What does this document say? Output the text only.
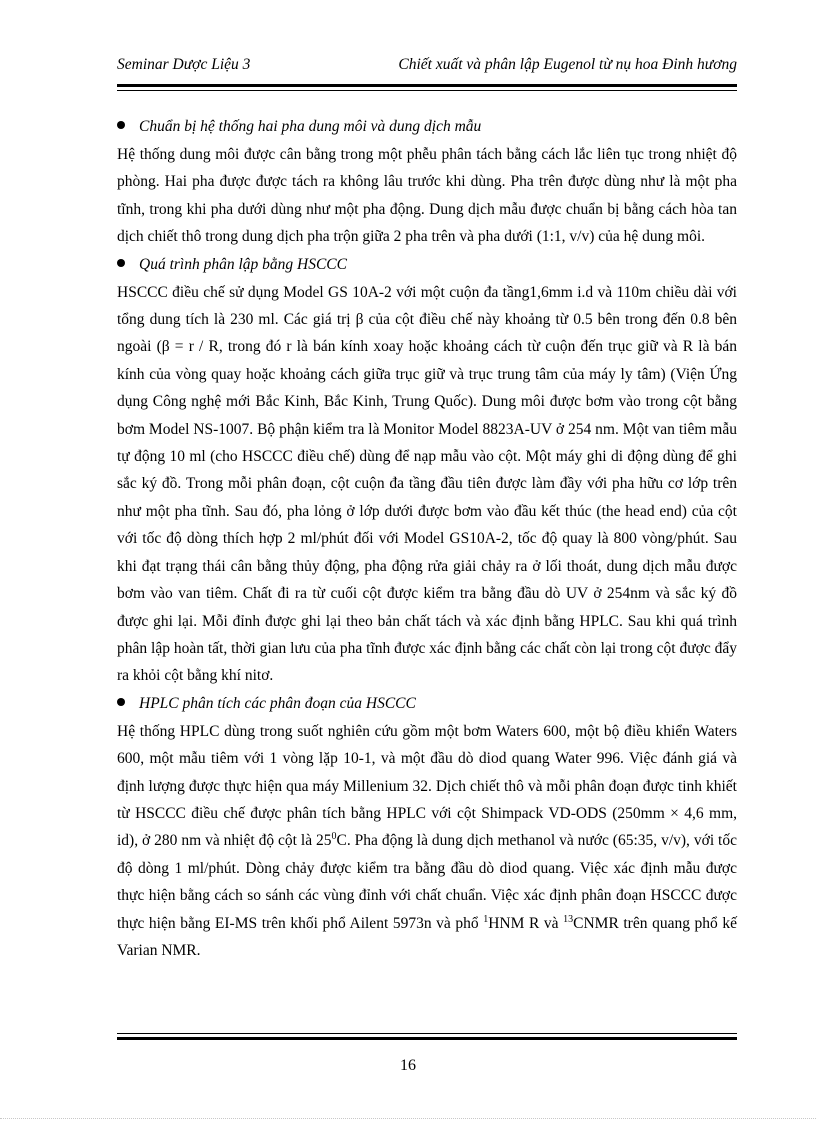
Seminar Dược Liệu 3	Chiết xuất và phân lập Eugenol từ nụ hoa Đinh hương
Chuẩn bị hệ thống hai pha dung môi và dung dịch mẫu

Hệ thống dung môi được cân bằng trong một phễu phân tách bằng cách lắc liên tục trong nhiệt độ phòng. Hai pha được được tách ra không lâu trước khi dùng. Pha trên được dùng như là một pha tĩnh, trong khi pha dưới dùng như một pha động. Dung dịch mẫu được chuẩn bị bằng cách hòa tan dịch chiết thô trong dung dịch pha trộn giữa 2 pha trên và pha dưới (1:1, v/v) của hệ dung môi.

Quá trình phân lập bằng HSCCC

HSCCC điều chế sử dụng Model GS 10A-2 với một cuộn đa tầng1,6mm i.d và 110m chiều dài với tổng dung tích là 230 ml. Các giá trị β của cột điều chế này khoảng từ 0.5 bên trong đến 0.8 bên ngoài (β = r / R, trong đó r là bán kính xoay hoặc khoảng cách từ cuộn đến trục giữ và R là bán kính của vòng quay hoặc khoảng cách giữa trục giữ và trục trung tâm của máy ly tâm) (Viện Ứng dụng Công nghệ mới Bắc Kinh, Bắc Kinh, Trung Quốc). Dung môi được bơm vào trong cột bằng bơm Model NS-1007. Bộ phận kiểm tra là Monitor Model 8823A-UV ở 254 nm. Một van tiêm mẫu tự động 10 ml (cho HSCCC điều chế) dùng để nạp mẫu vào cột. Một máy ghi di động dùng để ghi sắc ký đồ. Trong mỗi phân đoạn, cột cuộn đa tầng đầu tiên được làm đầy với pha hữu cơ lớp trên như một pha tĩnh. Sau đó, pha lỏng ở lớp dưới được bơm vào đầu kết thúc (the head end) của cột với tốc độ dòng thích hợp 2 ml/phút đối với Model GS10A-2, tốc độ quay là 800 vòng/phút. Sau khi đạt trạng thái cân bằng thủy động, pha động rửa giải chảy ra ở lối thoát, dung dịch mẫu được bơm vào van tiêm. Chất đi ra từ cuối cột được kiểm tra bằng đầu dò UV ở 254nm và sắc ký đồ được ghi lại. Mỗi đỉnh được ghi lại theo bản chất tách và xác định bằng HPLC. Sau khi quá trình phân lập hoàn tất, thời gian lưu của pha tĩnh được xác định bằng các chất còn lại trong cột được đẩy ra khỏi cột bằng khí nitơ.

HPLC phân tích các phân đoạn của HSCCC

Hệ thống HPLC dùng trong suốt nghiên cứu gồm một bơm Waters 600, một bộ điều khiển Waters 600, một mẫu tiêm với 1 vòng lặp 10-1, và một đầu dò diod quang Water 996. Việc đánh giá và định lượng được thực hiện qua máy Millenium 32. Dịch chiết thô và mỗi phân đoạn được tinh khiết từ HSCCC điều chế được phân tích bằng HPLC với cột Shimpack VD-ODS (250mm × 4,6 mm, id), ở 280 nm và nhiệt độ cột là $25^0C$. Pha động là dung dịch methanol và nước (65:35, v/v), với tốc độ dòng 1 ml/phút. Dòng chảy được kiểm tra bằng đầu dò diod quang. Việc xác định mẫu được thực hiện bằng cách so sánh các vùng đỉnh với chất chuẩn. Việc xác định phân đoạn HSCCC được thực hiện bằng EI-MS trên khối phổ Ailent 5973n và phổ $^1$HNM R và $^{13}$CNMR trên quang phổ kế Varian NMR.

16
